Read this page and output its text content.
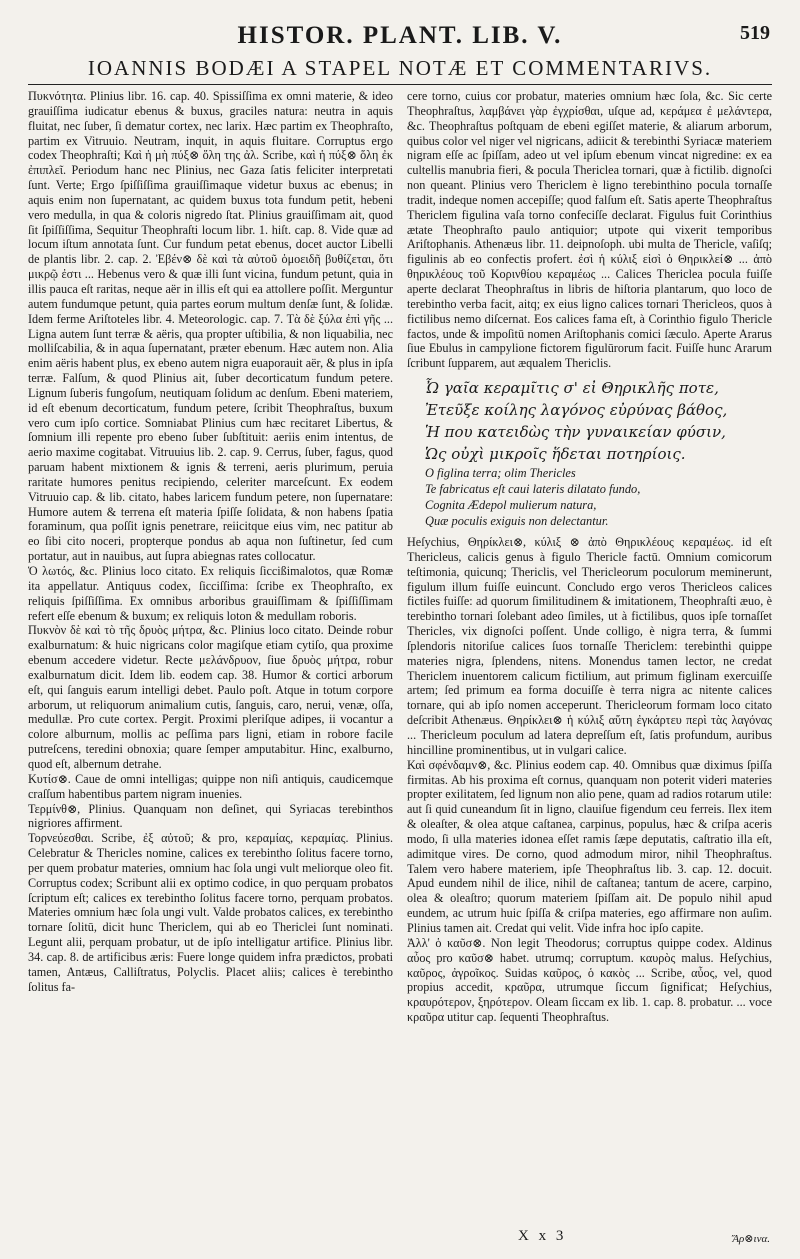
HISTOR. PLANT. LIB. V.	519
IOANNIS BODÆI A STAPEL NOTÆ ET COMMENTARIVS.

Πυκνότητα. Plinius libr. 16. cap. 40. Spissiſſima ex omni materie, & ideo grauiſſima iudicatur ebenus & buxus, graciles natura: neutra in aquis fluitat, nec ſuber, ſi dematur cortex, nec larix. Hæc partim ex Theophraſto, partim ex Vitruuio. Neutram, inquit, in aquis fluitare. Corruptus ergo codex Theophraſti; Καὶ ἡ μὴ πύξ⊗ ὅλη της ἀλ. Scribe, καὶ ἡ πύξ⊗ ὅλη ἐκ ἐπιπλεῖ. Periodum hanc nec Plinius, nec Gaza ſatis feliciter interpretati ſunt. Verte; Ergo ſpiſſiſſima grauiſſimaque videtur buxus ac ebenus; in aquis enim non ſupernatant, ac quidem buxus tota fundum petit, hebeni vero medulla, in qua & coloris nigredo ſtat. Plinius grauiſſimam ait, quod ſit ſpiſſiſſima, Sequitur Theophraſti locum libr. 1. hiſt. cap. 8. Vide quæ ad locum iſtum annotata ſunt. Cur fundum petat ebenus, docet auctor Libelli de plantis libr. 2. cap. 2. Ἐβέν⊗ δὲ καὶ τὰ αὐτοῦ ὁμοειδῆ βυθίζεται, ὅτι μικρῷ ἐστι ... Hebenus vero & quæ illi ſunt vicina, fundum petunt, quia in illis pauca eſt raritas, neque aër in illis eſt qui ea attollere poſſit. Merguntur autem fundumque petunt, quia partes eorum multum denſæ ſunt, & ſolidæ. Idem ferme Ariſtoteles libr. 4. Meteorologic. cap. 7. Τὰ δὲ ξύλα ἐπὶ γῆς ... Ligna autem ſunt terræ & aëris, qua propter uſtibilia, & non liquabilia, nec molliſcabilia, & in aqua ſupernatant, præter ebenum. Hæc autem non. Alia enim aëris habent plus, ex ebeno autem nigra euaporauit aër, & plus in ipſa terræ. Falſum, & quod Plinius ait, ſuber decorticatum fundum petere. Lignum ſuberis fungoſum, neutiquam ſolidum ac denſum. Ebeni materiem, id eſt ebenum decorticatum, fundum petere, ſcribit Theophraſtus, buxum vero cum ipſo cortice. Somniabat Plinius cum hæc recitaret Libertus, & ſomnium illi repente pro ebeno ſuber ſubſtituit: aeriis enim intentus, de aerio maxime cogitabat. Vitruuius lib. 2. cap. 9. Cerrus, ſuber, fagus, quod paruam habent mixtionem & ignis & terreni, aeris plurimum, peruia raritate humores penitus recipiendo, celeriter marceſcunt. Ex eodem Vitruuio cap. & lib. citato, habes laricem fundum petere, non ſupernatare: Humore autem & terrena eſt materia ſpiſſe ſolidata, & non habens ſpatia foraminum, qua poſſit ignis penetrare, reiicitque eius vim, nec patitur ab eo ſibi cito noceri, propterque pondus ab aqua non ſuſtinetur, ſed cum portatur, aut in nauibus, aut ſupra abiegnas rates collocatur.

Ὁ λωτός, &c. Plinius loco citato. Ex reliquis ſiccißimalotos, quæ Romæ ita appellatur. Antiquus codex, ſicciſſima: ſcribe ex Theophraſto, ex reliquis ſpiſſiſſima. Ex omnibus arboribus grauiſſimam & ſpiſſiſſimam refert eſſe ebenum & buxum; ex reliquis loton & medullam roboris.

Πυκνὸν δὲ καὶ τὸ τῆς δρυὸς μήτρα, &c. Plinius loco citato. Deinde robur exalburnatum: & huic nigricans color magiſque etiam cytiſo, qua proxime ebenum accedere videtur. Recte μελάνδρυον, ſiue δρυὸς μήτρα, robur exalburnatum dicit. Idem lib. eodem cap. 38. Humor & cortici arborum eſt, qui ſanguis earum intelligi debet. Paulo poſt. Atque in totum corpore arborum, ut reliquorum animalium cutis, ſanguis, caro, nerui, venæ, oſſa, medullæ. Pro cute cortex. Pergit. Proximi pleriſque adipes, ii vocantur a colore alburnum, mollis ac peſſima pars ligni, etiam in robore facile putreſcens, teredini obnoxia; quare ſemper amputabitur. Hinc, exalburno, quod eſt, albernum detrahe.

Κυτίσ⊗. Caue de omni intelligas; quippe non niſi antiquis, caudicemque craſſum habentibus partem nigram inuenies.

Τερμίνθ⊗, Plinius. Quanquam non deſinet, qui Syriacas terebinthos nigriores affirment.

Τορνεύεσθαι. Scribe, ἐξ αὐτοῦ; & pro, κεραμίας, κεραμίας. Plinius. Celebratur & Thericles nomine, calices ex terebintho ſolitus facere torno, per quem probatur materies, omnium hac ſola ungi vult meliorque oleo fit. Corruptus codex; Scribunt alii ex optimo codice, in quo perquam probatos ſcriptum eſt; calices ex terebintho ſolitus facere torno, perquam probatos. Materies omnium hæc ſola ungi vult. Valde probatos calices, ex terebintho tornare ſolitū, dicit hunc Thericlem, qui ab eo Thericlei ſunt nominati. Legunt alii, perquam probatur, ut de ipſo intelligatur artifice. Plinius libr. 34. cap. 8. de artificibus æris: Fuere longe quidem infra prædictos, probati tamen, Antæus, Calliſtratus, Polyclis. Placet aliis; calices è terebintho ſolitus fa-

cere torno, cuius cor probatur, materies omnium hæc ſola, &c. Sic certe Theophraſtus, λαμβάνει γὰρ ἐγχρίσθαι, uſque ad, κεράμεα ἐ μελάντερα, &c. Theophraſtus poſtquam de ebeni egiſſet materie, & aliarum arborum, quibus color vel niger vel nigricans, adiicit & terebinthi Syriacæ materiem nigram eſſe ac ſpiſſam, adeo ut vel ipſum ebenum vincat nigredine: ex ea cultellis manubria fieri, & pocula Thericlea tornari, quæ à fictilib. dignoſci non queant. Plinius vero Thericlem è ligno terebinthino pocula tornaſſe tradit, indeque nomen accepiſſe; quod falſum eſt. Satis aperte Theophraſtus Thericlem figulina vaſa torno confeciſſe declarat. Figulus fuit Corinthius ætate Theophraſto paulo antiquior; utpote qui vixerit temporibus Ariſtophanis. Athenæus libr. 11. deipnoſoph. ubi multa de Thericle, vaſiſq; figulinis ab eo confectis profert. ἐσὶ ἡ κύλιξ εἰσὶ ὁ Θηρικλεί⊗ ... ἀπὸ θηρικλέους τοῦ Κορινθίου κεραμέως ... Calices Thericlea pocula fuiſſe aperte declarat Theophraſtus in libris de hiſtoria plantarum, quo loco de terebintho verba facit, aitq; ex eius ligno calices tornari Thericleos, quos à fictilibus nemo diſcernat. Eos calices fama eſt, à Corinthio figulo Thericle factos, unde & impoſitū nomen Ariſtophanis comici ſæculo. Aperte Ararus ſiue Ebulus in campylione fictorem figulūrorum facit. Fuiſſe hunc Ararum ſcribunt ſupparem, aut æqualem Thericlis.

Ὦ γαῖα κεραμῖτις σ' εἰ Θηρικλῆς ποτε,
Ἐτεῦξε κοίλης λαγόνος εὐρύνας βάθος,
Ἡ που κατειδὼς τὴν γυναικείαν φύσιν,
Ὡς οὐχὶ μικροῖς ἥδεται ποτηρίοις.
O figlina terra; olim Thericles
Te fabricatus eſt caui lateris dilatato fundo,
Cognita Ædepol mulierum natura,
Quæ poculis exiguis non delectantur.

Heſychius, Θηρίκλει⊗, κύλιξ ⊗ ἀπὸ Θηρικλέους κεραμέως. id eſt Thericleus, calicis genus à figulo Thericle factū. Omnium comicorum teſtimonia, quicunq; Thericlis, vel Thericleorum poculorum meminerunt, figulum illum fuiſſe euincunt. Concludo ergo veros Thericleos calices fictiles fuiſſe: ad quorum ſimilitudinem & imitationem, Theophraſti æuo, è terebintho tornari ſolebant adeo ſimiles, ut à fictilibus, quos ipſe tornaſſet Thericles, vix dignoſci poſſent. Unde colligo, è nigra terra, & ſummi ſplendoris nitoriſue calices ſuos tornaſſe Thericlem: terebinthi quippe materies nigra, ſplendens, nitens. Monendus tamen lector, ne credat Thericlem inuentorem calicum fictilium, aut primum figlinam exercuiſſe artem; ſed primum ea forma docuiſſe è terra nigra ac nitente calices tornare, qui ab ipſo nomen acceperunt. Thericleorum formam loco citato deſcribit Athenæus. Θηρίκλει⊗ ἡ κύλιξ αὕτη ἐγκάρτευ περὶ τὰς λαγόνας ... Thericleum poculum ad latera depreſſum eſt, ſatis profundum, auribus hincilline prominentibus, ut in vulgari calice.

Καὶ σφένδαμν⊗, &c. Plinius eodem cap. 40. Omnibus quæ diximus ſpiſſa firmitas. Ab his proxima eſt cornus, quanquam non poterit videri materies propter exilitatem, ſed lignum non alio pene, quam ad radios rotarum utile: aut ſi quid cuneandum ſit in ligno, clauiſue figendum ceu ferreis. Ilex item & oleaſter, & olea atque caſtanea, carpinus, populus, hæc & criſpa aceris modo, ſi ulla materies idonea eſſet ramis ſæpe deputatis, caſtratio illa eſt, adimitque vires. De corno, quod admodum miror, nihil Theophraſtus. Talem vero habere materiem, ipſe Theophraſtus lib. 3. cap. 12. docuit. Apud eundem nihil de ilice, nihil de caſtanea; tantum de acere, carpino, olea & oleaſtro; quorum materiem ſpiſſam ait. De populo nihil apud eundem, ac utrum huic ſpiſſa & criſpa materies, ego affirmare non auſim. Plinius tamen ait. Credat qui velit. Vide infra hoc ipſo capite.

Ἀλλ' ὁ καῦσ⊗. Non legit Theodorus; corruptus quippe codex. Aldinus αὖος pro καῦσ⊗ habet. utrumq; corruptum. καυρὸς malus. Heſychius, καῦρος, ἀγροῖκος. Suidas καῦρος, ὁ κακὸς ... Scribe, αὖος, vel, quod propius accedit, κραῦρα, utrumque ſiccum ſignificat; Heſychius, κραυρότερον, ξηρότερον. Oleam ſiccam ex lib. 1. cap. 8. probatur. ... voce κραῦρα utitur cap. ſequenti Theophraſtus.

X x 3	Ἄρ⊗ινα.
